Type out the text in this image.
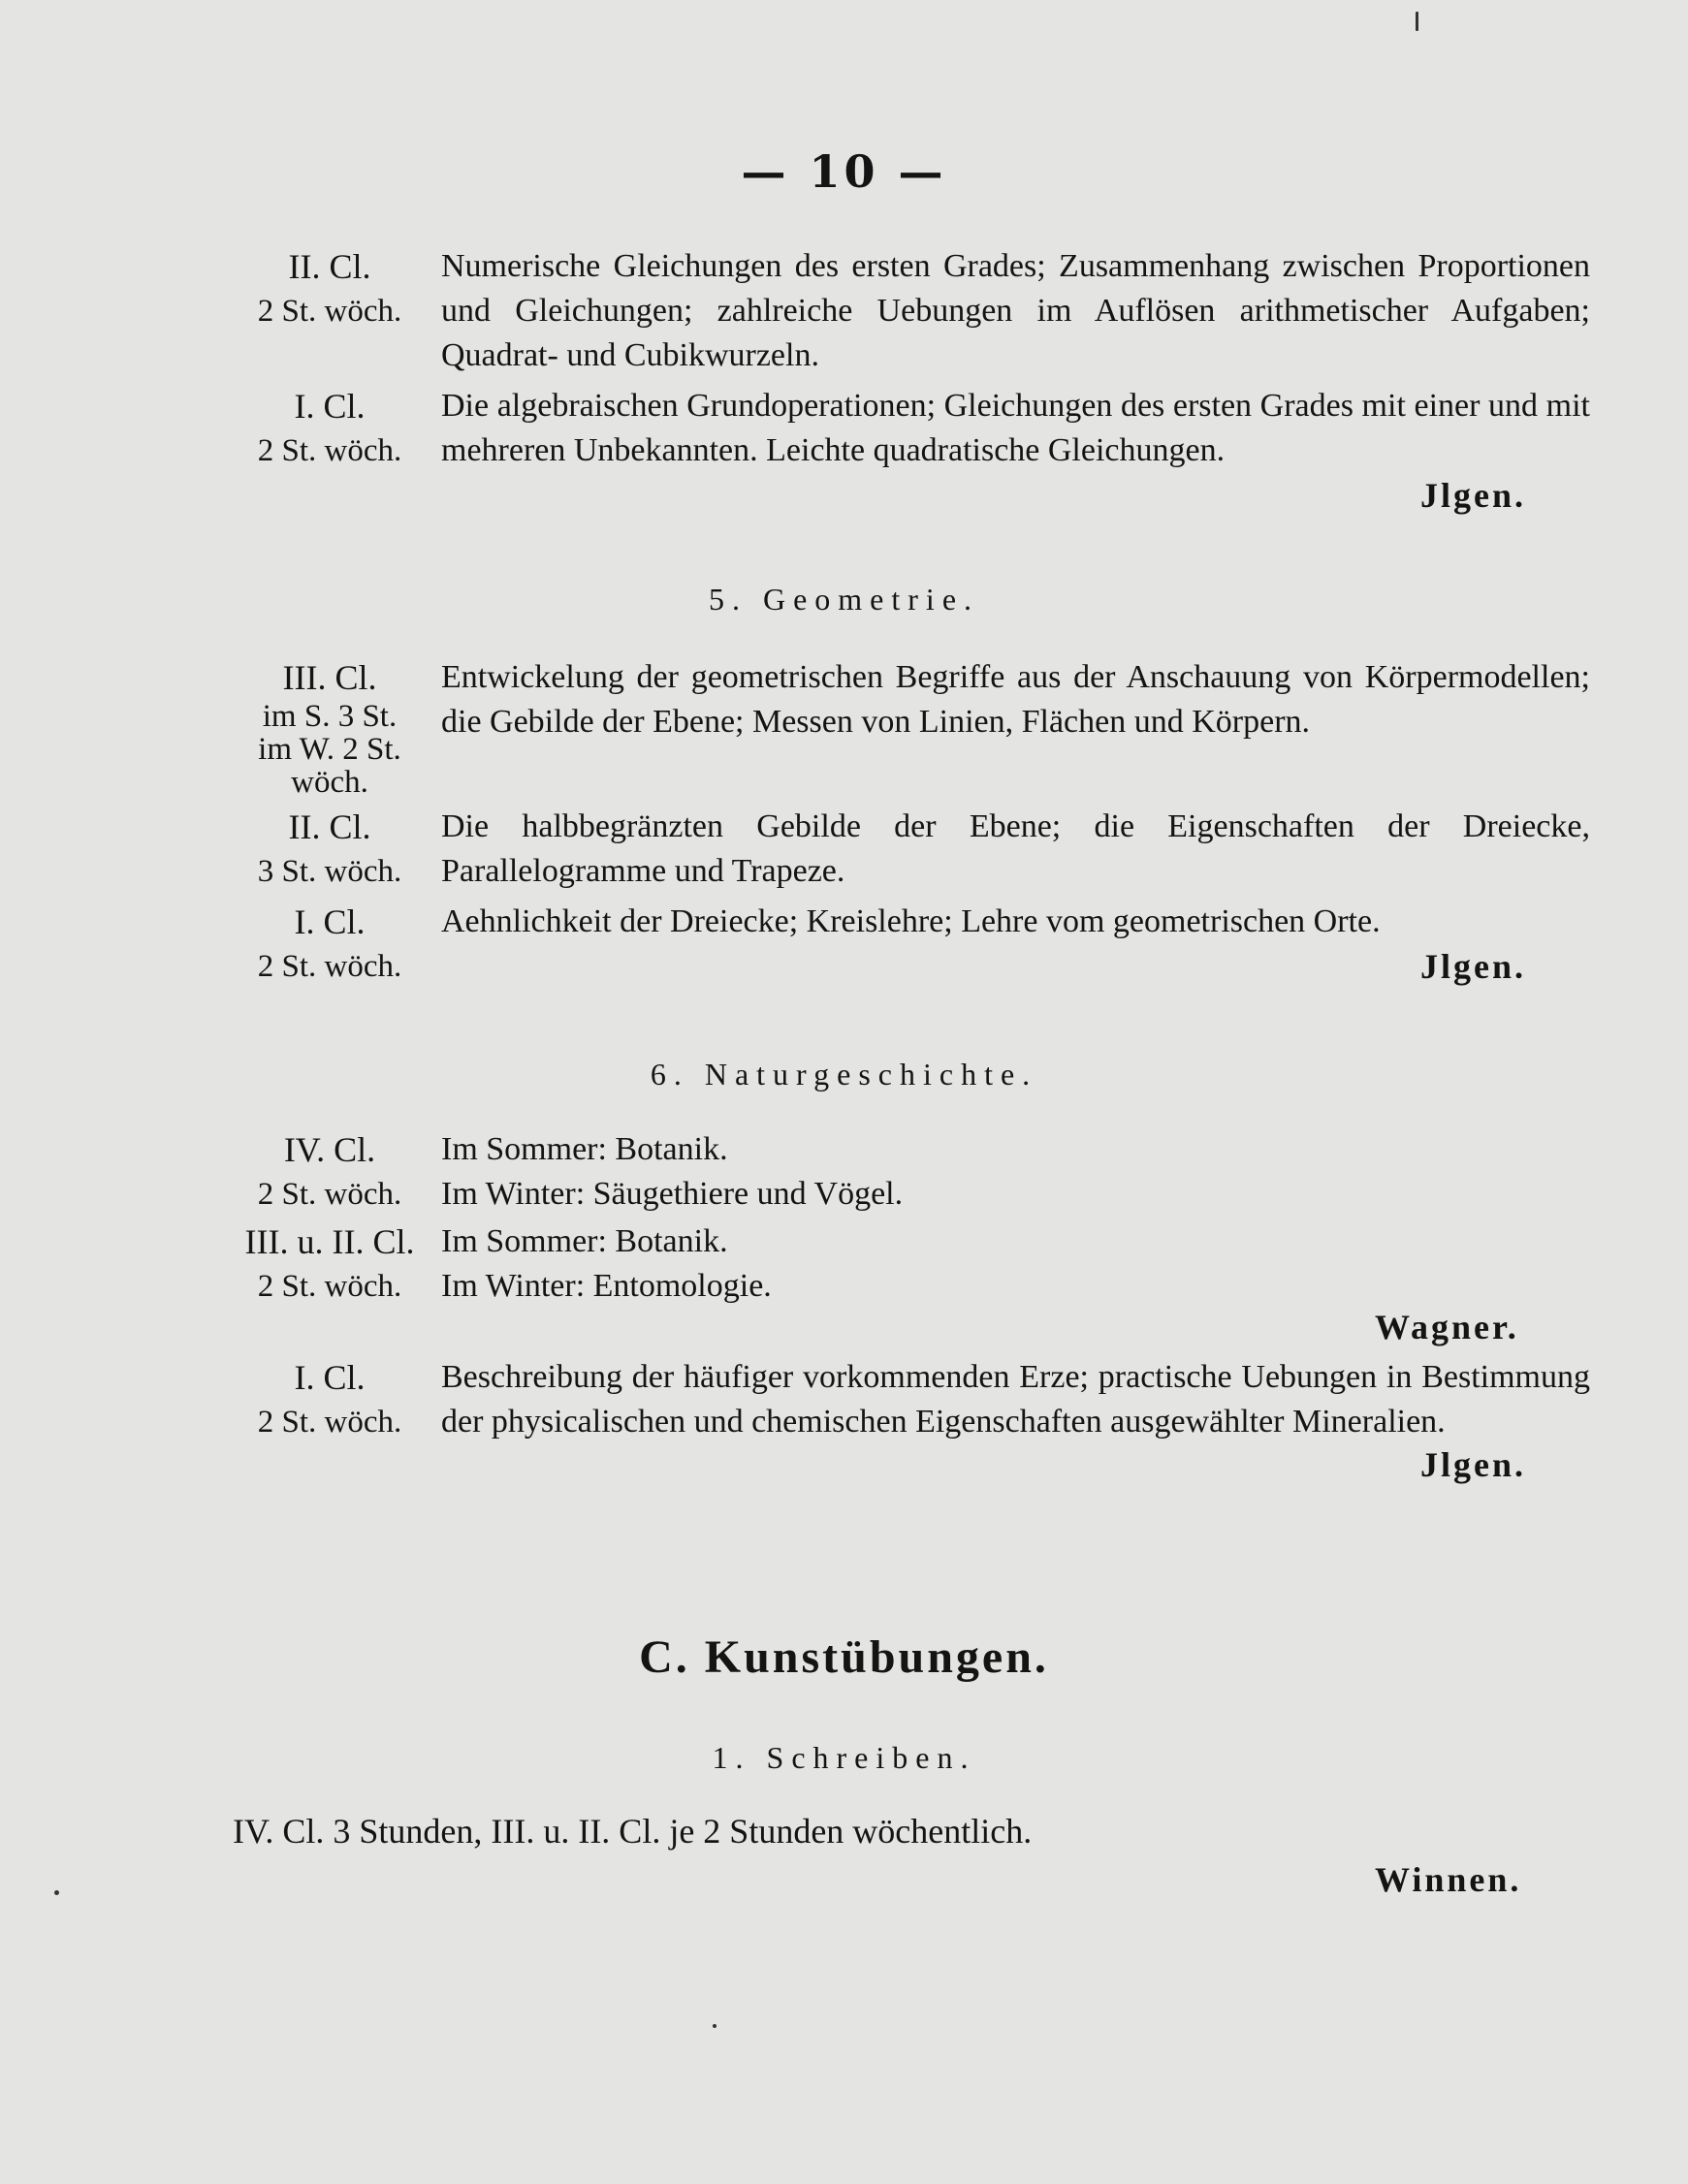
— 10 —
II. Cl.
2 St. wöch.
Numerische Gleichungen des ersten Grades; Zusammenhang zwischen Proportionen und Gleichungen; zahlreiche Uebungen im Auflösen arithmetischer Aufgaben; Quadrat- und Cubikwurzeln.
I. Cl.
2 St. wöch.
Die algebraischen Grundoperationen; Gleichungen des ersten Grades mit einer und mit mehreren Unbekannten. Leichte quadratische Gleichungen.
Jlgen.
5. Geometrie.
III. Cl.
im S. 3 St.
im W. 2 St.
wöch.
Entwickelung der geometrischen Begriffe aus der Anschauung von Körpermodellen; die Gebilde der Ebene; Messen von Linien, Flächen und Körpern.
II. Cl.
3 St. wöch.
Die halbbegränzten Gebilde der Ebene; die Eigenschaften der Dreiecke, Parallelogramme und Trapeze.
I. Cl.
2 St. wöch.
Aehnlichkeit der Dreiecke; Kreislehre; Lehre vom geometrischen Orte.
Jlgen.
6. Naturgeschichte.
IV. Cl.
2 St. wöch.
Im Sommer: Botanik.
Im Winter: Säugethiere und Vögel.
III. u. II. Cl.
2 St. wöch.
Im Sommer: Botanik.
Im Winter: Entomologie.
Wagner.
I. Cl.
2 St. wöch.
Beschreibung der häufiger vorkommenden Erze; practische Uebungen in Bestimmung der physicalischen und chemischen Eigenschaften ausgewählter Mineralien.
Jlgen.
C. Kunstübungen.
1. Schreiben.
IV. Cl. 3 Stunden, III. u. II. Cl. je 2 Stunden wöchentlich.
Winnen.
